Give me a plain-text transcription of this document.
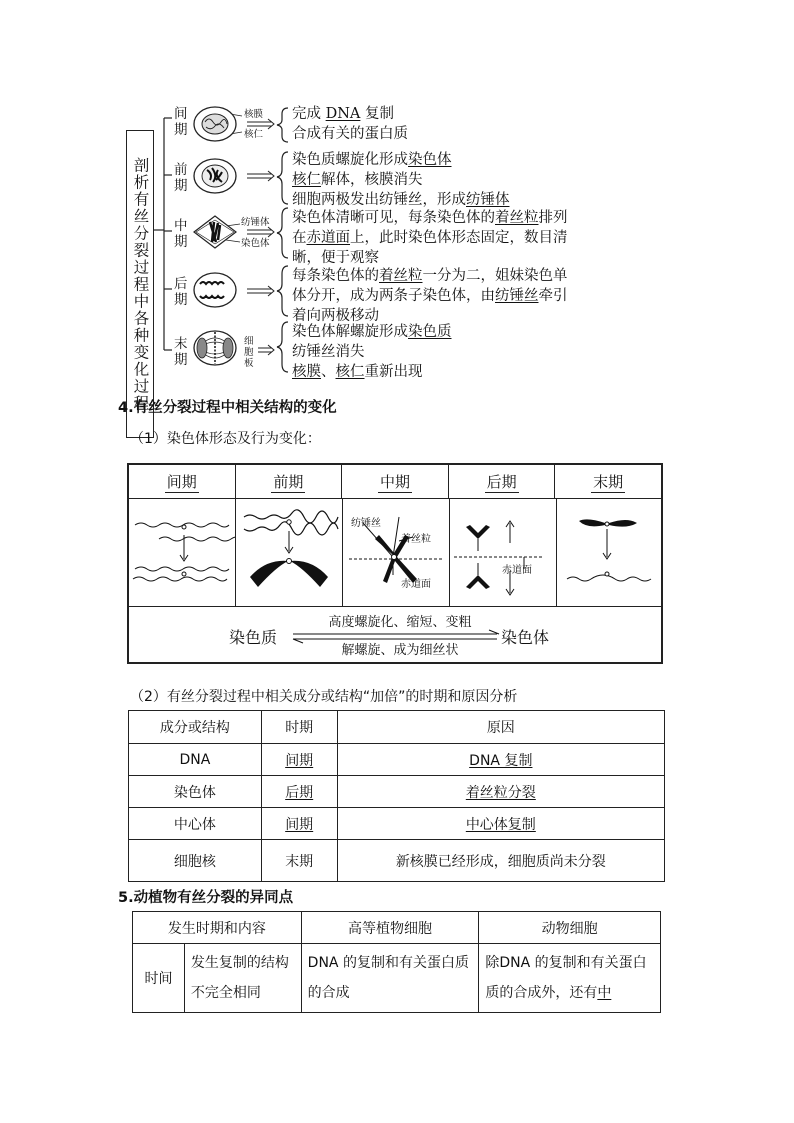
剖析有丝分裂过程中各种变化过程
间期
前期
中期
后期
末期
核膜
核仁
纺锤体
染色体
细胞板
完成 DNA 复制
合成有关的蛋白质
染色质螺旋化形成染色体
核仁解体，核膜消失
细胞两极发出纺锤丝，形成纺锤体
染色体清晰可见，每条染色体的着丝粒排列
在赤道面上，此时染色体形态固定，数目清
晰，便于观察
每条染色体的着丝粒一分为二，姐妹染色单
体分开，成为两条子染色体，由纺锤丝牵引
着向两极移动
染色体解螺旋形成染色质
纺锤丝消失
核膜、核仁重新出现
4.有丝分裂过程中相关结构的变化
（1）染色体形态及行为变化：
间期	前期	中期	后期	末期
纺锤丝
着丝粒
赤道面
赤道面
染色质	染色体
高度螺旋化、缩短、变粗
解螺旋、成为细丝状
（2）有丝分裂过程中相关成分或结构“加倍”的时期和原因分析
成分或结构	时期	原因
DNA	间期	DNA 复制
染色体	后期	着丝粒分裂
中心体	间期	中心体复制
细胞核	末期	新核膜已经形成，细胞质尚未分裂
5.动植物有丝分裂的异同点
发生时期和内容		高等植物细胞	动物细胞
时间	发生复制的结构不完全相同	DNA 的复制和有关蛋白质的合成	除DNA 的复制和有关蛋白质的合成外，还有中
